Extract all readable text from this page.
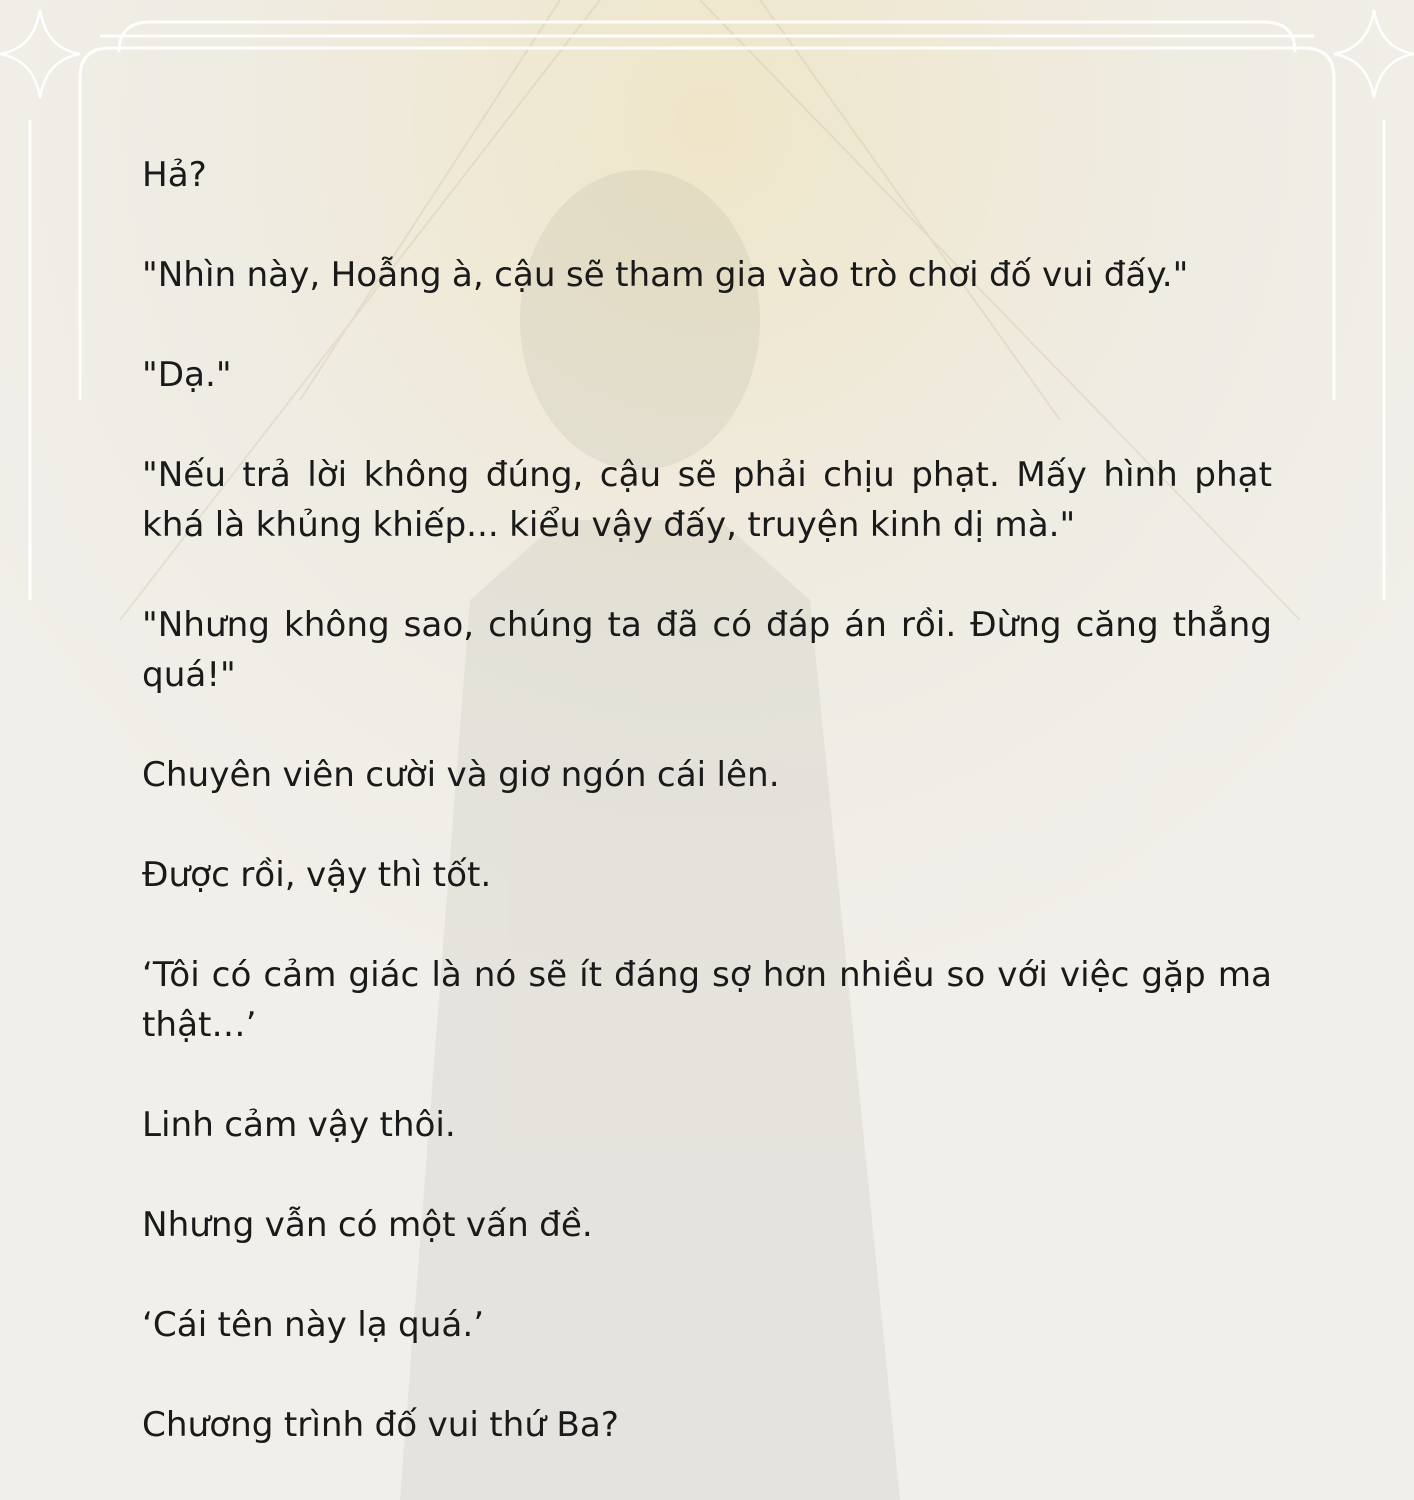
Hả?

"Nhìn này, Hoẫng à, cậu sẽ tham gia vào trò chơi đố vui đấy."

"Dạ."

"Nếu trả lời không đúng, cậu sẽ phải chịu phạt. Mấy hình phạt khá là khủng khiếp... kiểu vậy đấy, truyện kinh dị mà."

"Nhưng không sao, chúng ta đã có đáp án rồi. Đừng căng thẳng quá!"

Chuyên viên cười và giơ ngón cái lên.

Được rồi, vậy thì tốt.

‘Tôi có cảm giác là nó sẽ ít đáng sợ hơn nhiều so với việc gặp ma thật…’

Linh cảm vậy thôi.

Nhưng vẫn có một vấn đề.

‘Cái tên này lạ quá.’

Chương trình đố vui thứ Ba?
